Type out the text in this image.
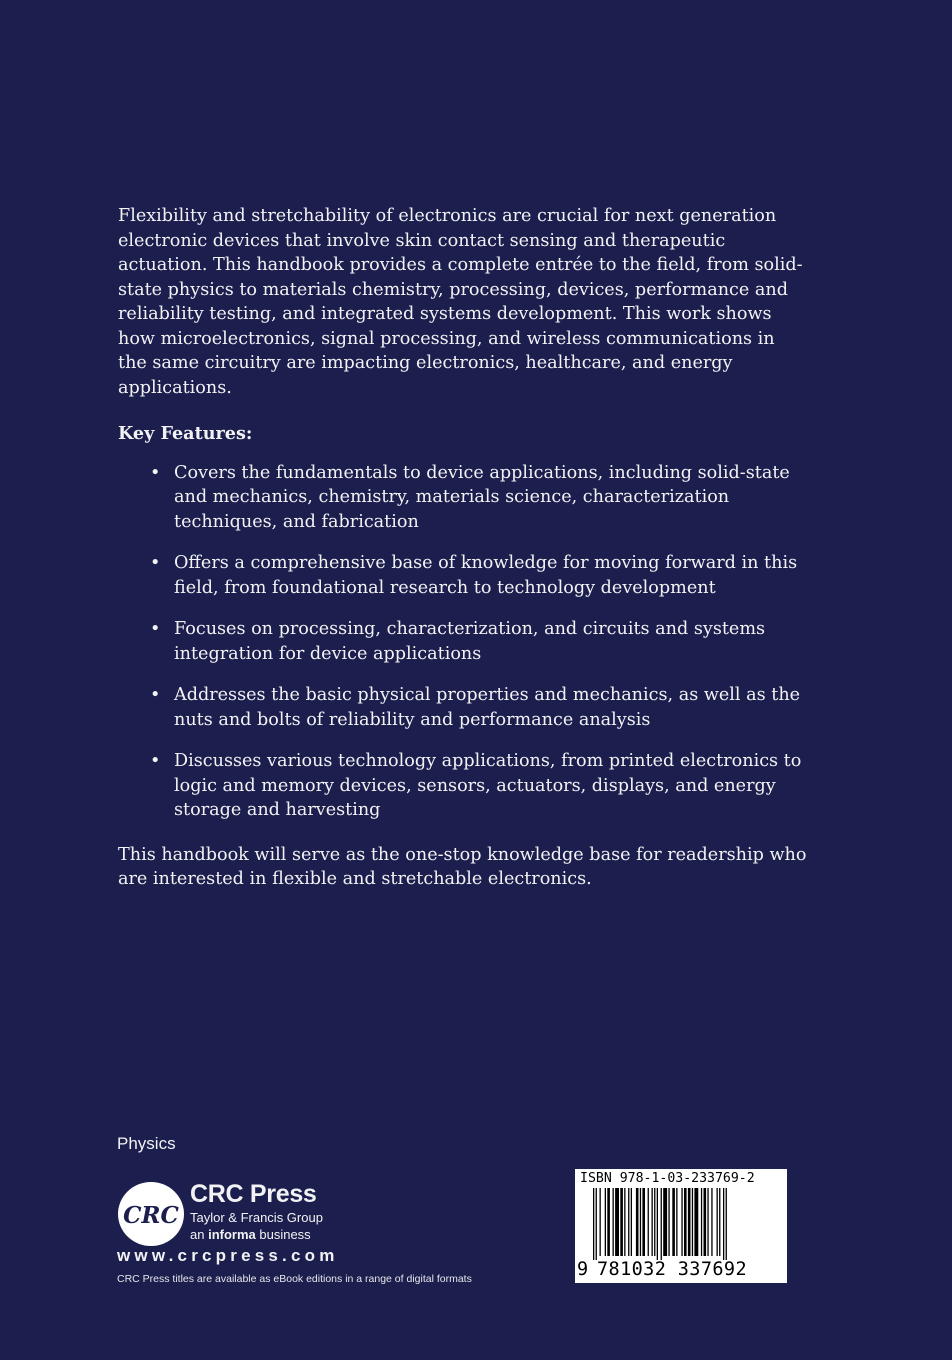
Flexibility and stretchability of electronics are crucial for next generation electronic devices that involve skin contact sensing and therapeutic actuation. This handbook provides a complete entrée to the field, from solid-state physics to materials chemistry, processing, devices, performance and reliability testing, and integrated systems development. This work shows how microelectronics, signal processing, and wireless communications in the same circuitry are impacting electronics, healthcare, and energy applications.

Key Features:

• Covers the fundamentals to device applications, including solid-state and mechanics, chemistry, materials science, characterization techniques, and fabrication
• Offers a comprehensive base of knowledge for moving forward in this field, from foundational research to technology development
• Focuses on processing, characterization, and circuits and systems integration for device applications
• Addresses the basic physical properties and mechanics, as well as the nuts and bolts of reliability and performance analysis
• Discusses various technology applications, from printed electronics to logic and memory devices, sensors, actuators, displays, and energy storage and harvesting

This handbook will serve as the one-stop knowledge base for readership who are interested in flexible and stretchable electronics.

Physics
CRC
CRC Press
Taylor & Francis Group
an informa business
www.crcpress.com
CRC Press titles are available as eBook editions in a range of digital formats
ISBN 978-1-03-233769-2
9 781032 337692
